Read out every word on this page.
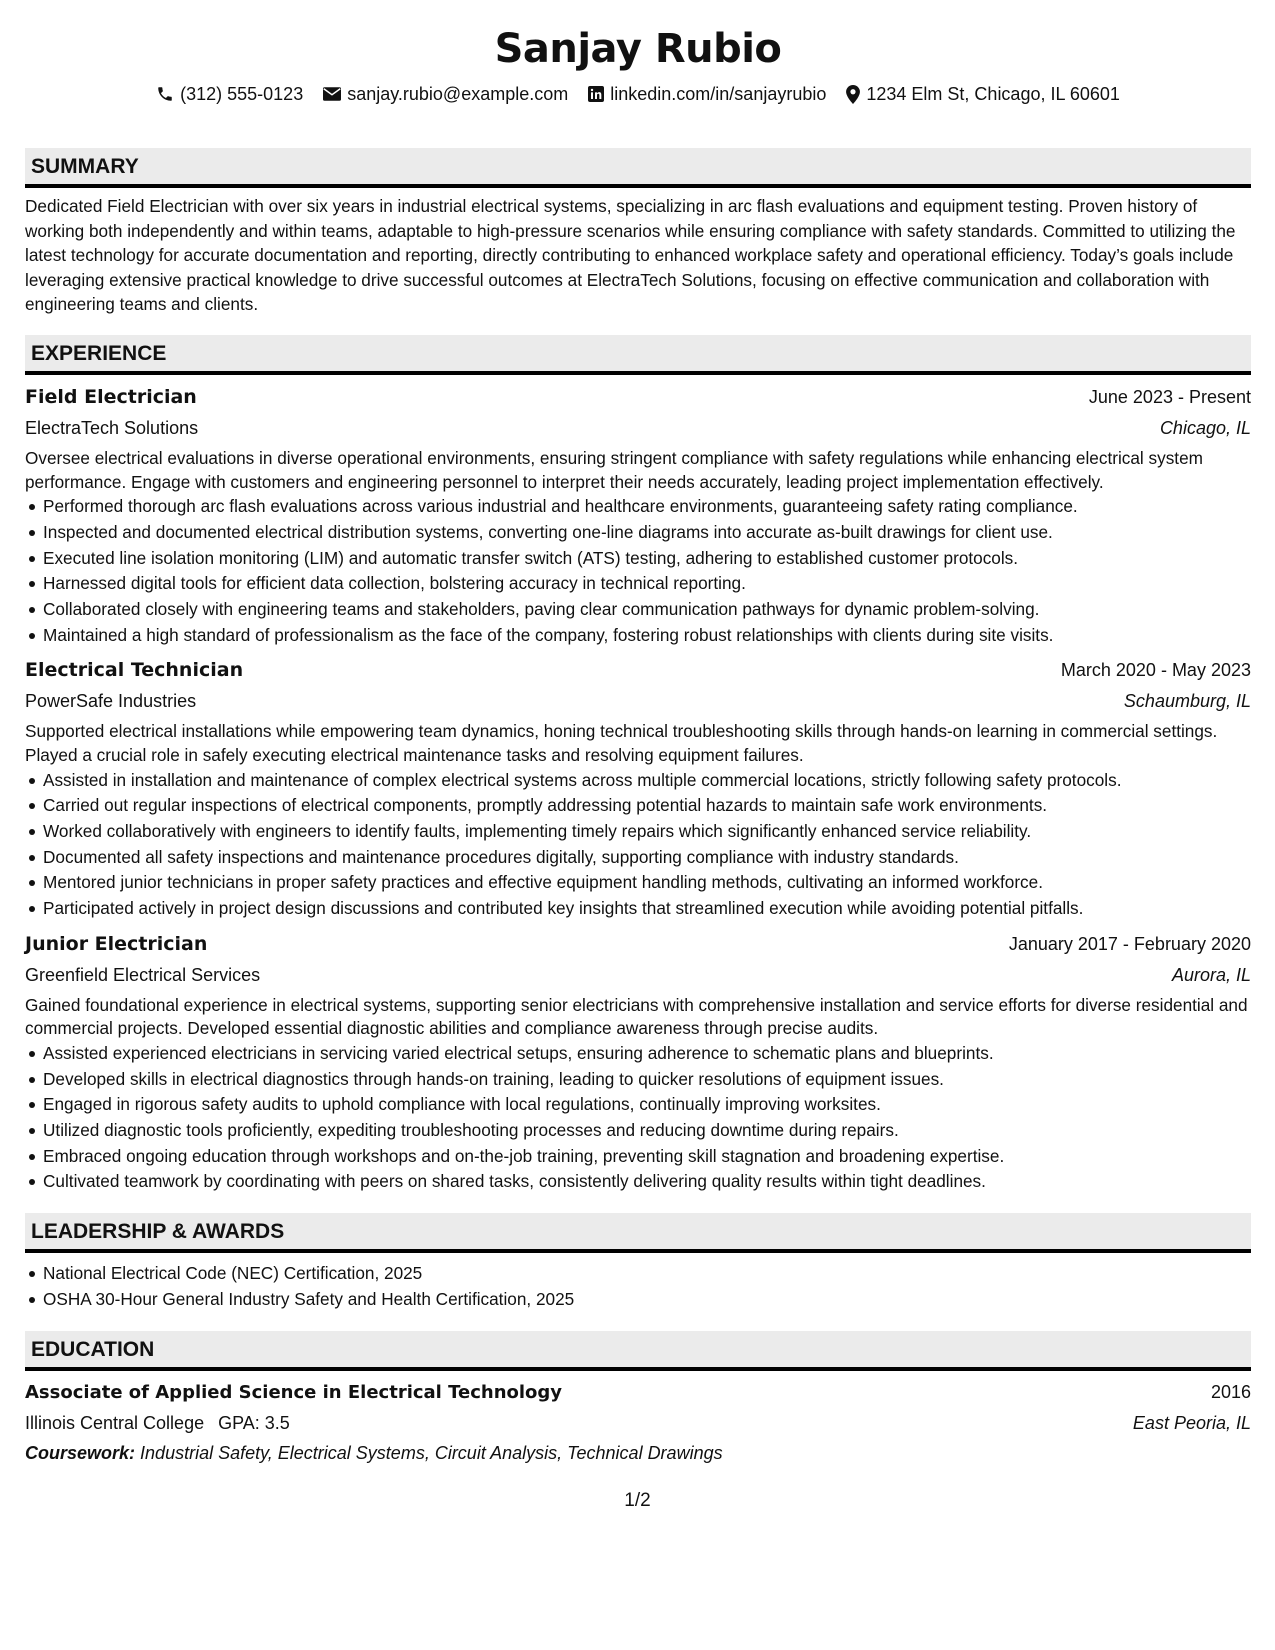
Sanjay Rubio
(312) 555-0123 sanjay.rubio@example.com linkedin.com/in/sanjayrubio 1234 Elm St, Chicago, IL 60601
SUMMARY

Dedicated Field Electrician with over six years in industrial electrical systems, specializing in arc flash evaluations and equipment testing. Proven history of working both independently and within teams, adaptable to high-pressure scenarios while ensuring compliance with safety standards. Committed to utilizing the latest technology for accurate documentation and reporting, directly contributing to enhanced workplace safety and operational efficiency. Today’s goals include leveraging extensive practical knowledge to drive successful outcomes at ElectraTech Solutions, focusing on effective communication and collaboration with engineering teams and clients.

EXPERIENCE
Field Electrician	June 2023 - Present
ElectraTech Solutions	Chicago, IL
Oversee electrical evaluations in diverse operational environments, ensuring stringent compliance with safety regulations while enhancing electrical system performance. Engage with customers and engineering personnel to interpret their needs accurately, leading project implementation effectively.
Performed thorough arc flash evaluations across various industrial and healthcare environments, guaranteeing safety rating compliance.
Inspected and documented electrical distribution systems, converting one-line diagrams into accurate as-built drawings for client use.
Executed line isolation monitoring (LIM) and automatic transfer switch (ATS) testing, adhering to established customer protocols.
Harnessed digital tools for efficient data collection, bolstering accuracy in technical reporting.
Collaborated closely with engineering teams and stakeholders, paving clear communication pathways for dynamic problem-solving.
Maintained a high standard of professionalism as the face of the company, fostering robust relationships with clients during site visits.
Electrical Technician	March 2020 - May 2023
PowerSafe Industries	Schaumburg, IL
Supported electrical installations while empowering team dynamics, honing technical troubleshooting skills through hands-on learning in commercial settings. Played a crucial role in safely executing electrical maintenance tasks and resolving equipment failures.
Assisted in installation and maintenance of complex electrical systems across multiple commercial locations, strictly following safety protocols.
Carried out regular inspections of electrical components, promptly addressing potential hazards to maintain safe work environments.
Worked collaboratively with engineers to identify faults, implementing timely repairs which significantly enhanced service reliability.
Documented all safety inspections and maintenance procedures digitally, supporting compliance with industry standards.
Mentored junior technicians in proper safety practices and effective equipment handling methods, cultivating an informed workforce.
Participated actively in project design discussions and contributed key insights that streamlined execution while avoiding potential pitfalls.
Junior Electrician	January 2017 - February 2020
Greenfield Electrical Services	Aurora, IL
Gained foundational experience in electrical systems, supporting senior electricians with comprehensive installation and service efforts for diverse residential and commercial projects. Developed essential diagnostic abilities and compliance awareness through precise audits.
Assisted experienced electricians in servicing varied electrical setups, ensuring adherence to schematic plans and blueprints.
Developed skills in electrical diagnostics through hands-on training, leading to quicker resolutions of equipment issues.
Engaged in rigorous safety audits to uphold compliance with local regulations, continually improving worksites.
Utilized diagnostic tools proficiently, expediting troubleshooting processes and reducing downtime during repairs.
Embraced ongoing education through workshops and on-the-job training, preventing skill stagnation and broadening expertise.
Cultivated teamwork by coordinating with peers on shared tasks, consistently delivering quality results within tight deadlines.
LEADERSHIP & AWARDS
National Electrical Code (NEC) Certification, 2025
OSHA 30-Hour General Industry Safety and Health Certification, 2025
EDUCATION
Associate of Applied Science in Electrical Technology	2016
Illinois Central College GPA: 3.5	East Peoria, IL
Coursework: Industrial Safety, Electrical Systems, Circuit Analysis, Technical Drawings
1/2
